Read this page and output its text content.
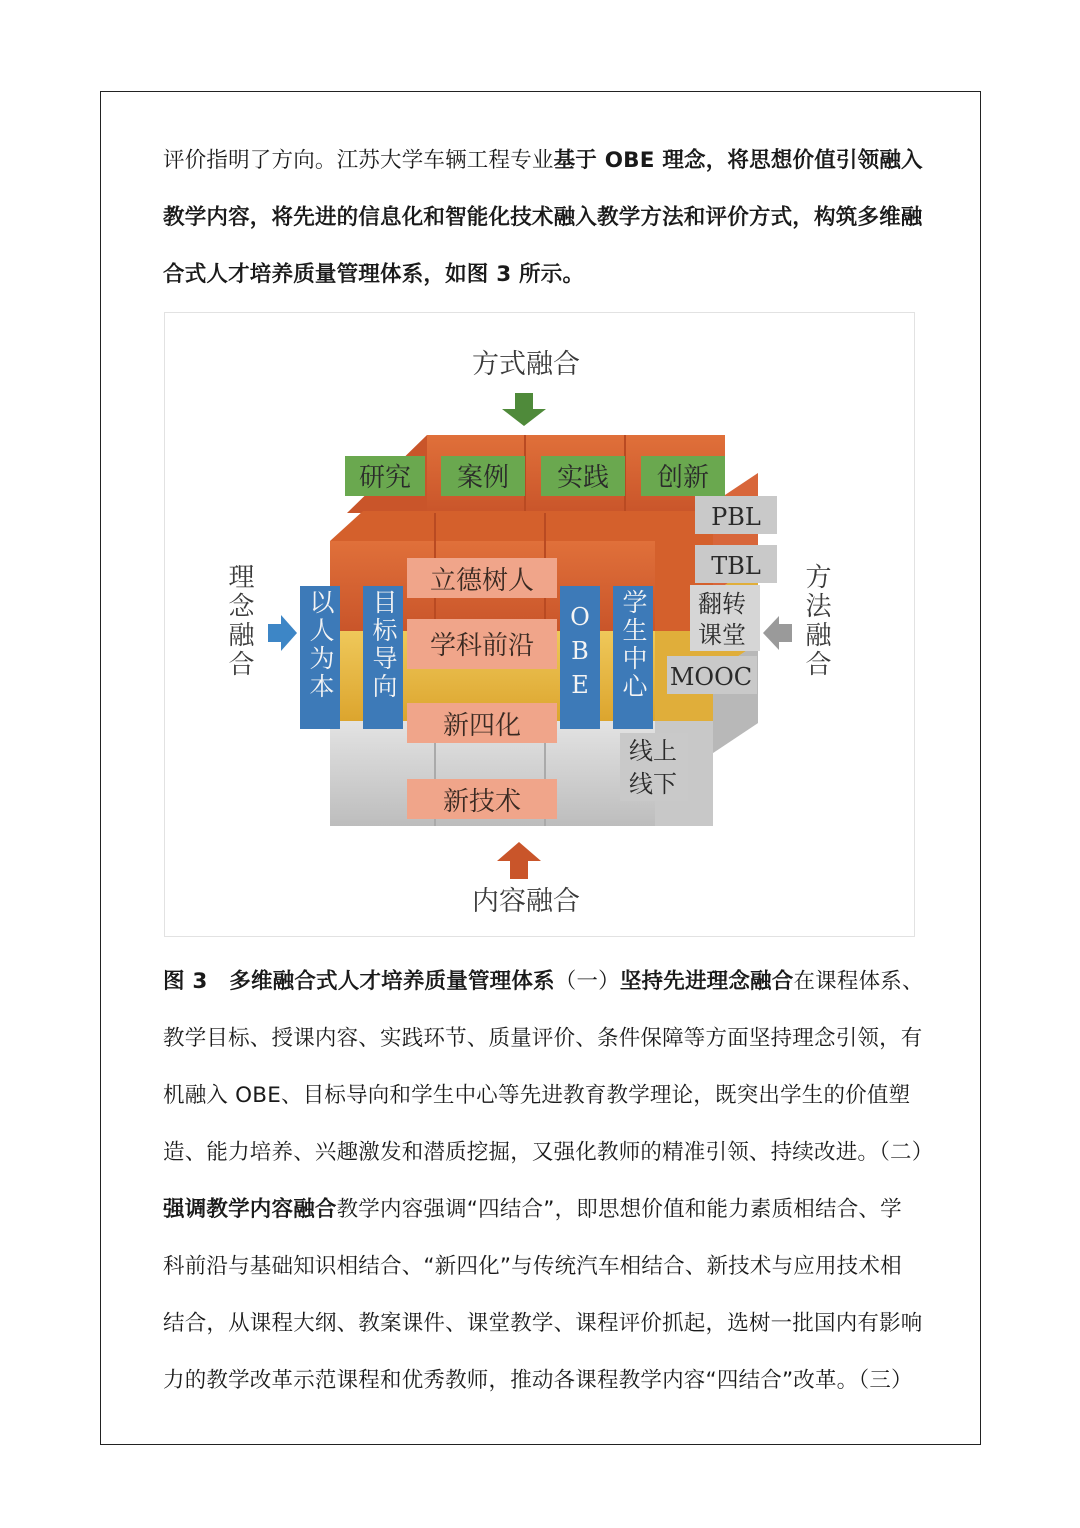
评价指明了方向。江苏大学车辆工程专业基于 OBE 理念，将思想价值引领融入
教学内容，将先进的信息化和智能化技术融入教学方法和评价方式，构筑多维融
合式人才培养质量管理体系，如图 3 所示。
研究 案例 实践 创新
立德树人
学科前沿
新四化
新技术
PBL
TBL
翻转
课堂
MOOC
线上
线下
方式融合
内容融合
理念融合	方法融合
以人为本 目标导向	OBE 学生中心
图 3　多维融合式人才培养质量管理体系（一）坚持先进理念融合在课程体系、
教学目标、授课内容、实践环节、质量评价、条件保障等方面坚持理念引领，有
机融入 OBE、目标导向和学生中心等先进教育教学理论，既突出学生的价值塑
造、能力培养、兴趣激发和潜质挖掘，又强化教师的精准引领、持续改进。（二）
强调教学内容融合教学内容强调“四结合”，即思想价值和能力素质相结合、学
科前沿与基础知识相结合、“新四化”与传统汽车相结合、新技术与应用技术相
结合，从课程大纲、教案课件、课堂教学、课程评价抓起，选树一批国内有影响
力的教学改革示范课程和优秀教师，推动各课程教学内容“四结合”改革。（三）
